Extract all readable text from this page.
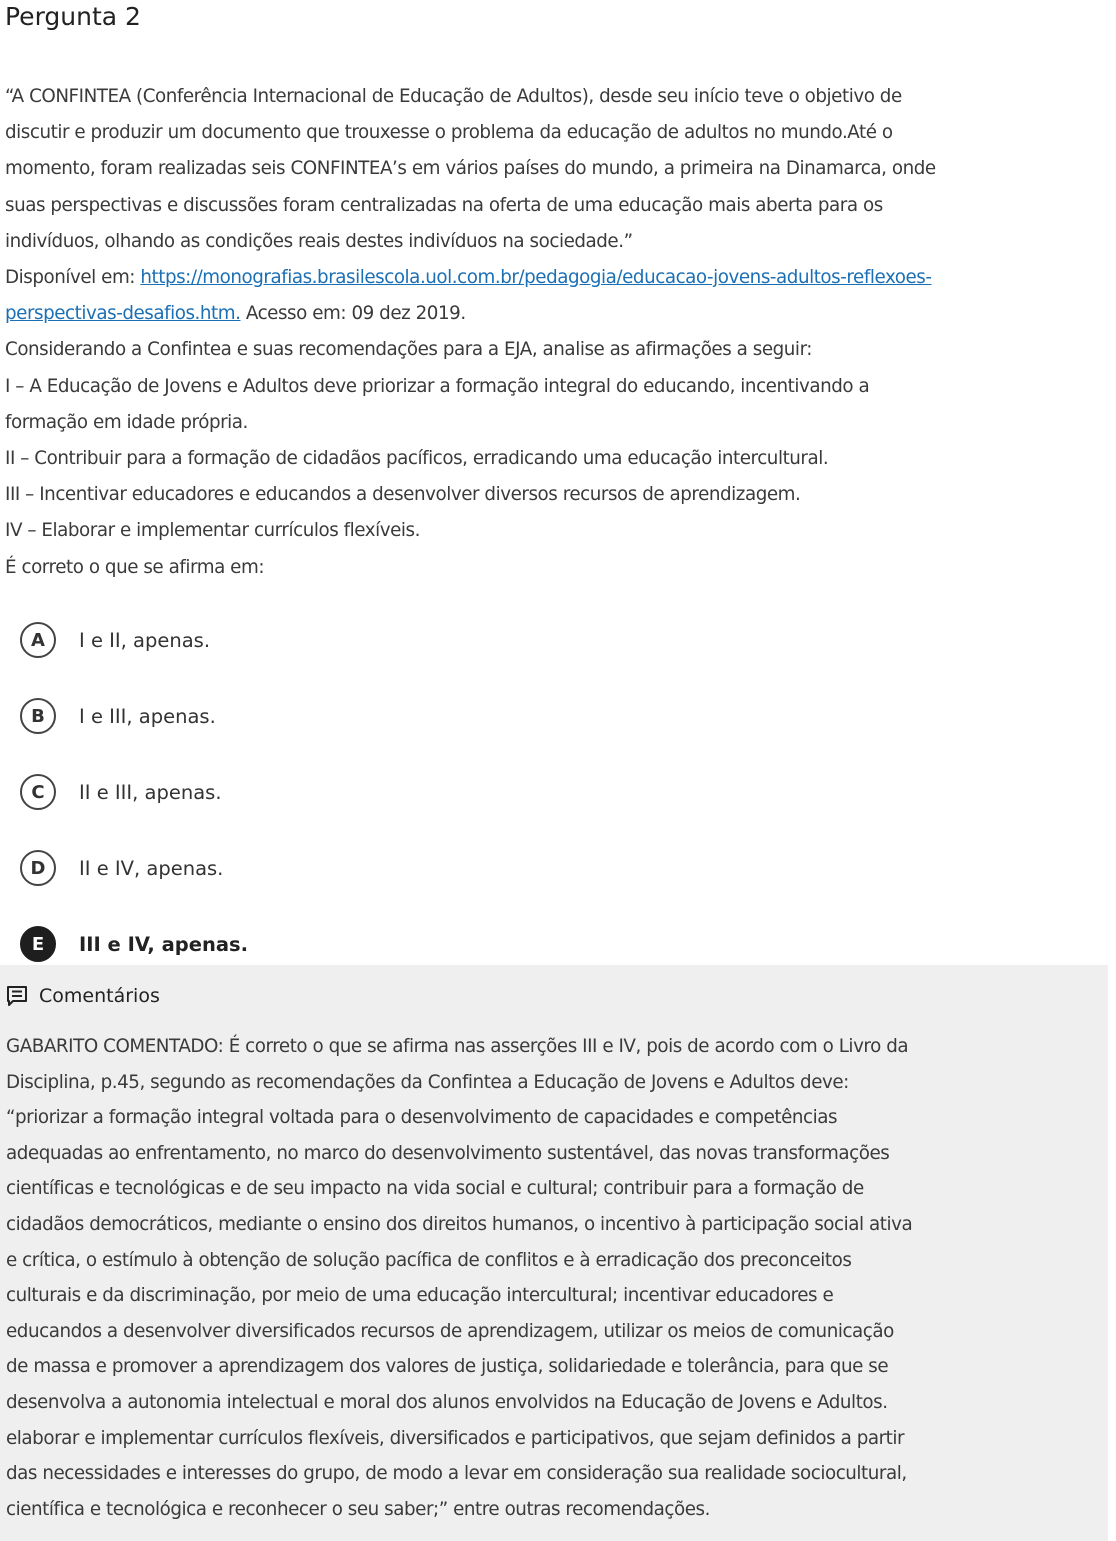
Pergunta 2

“A CONFINTEA (Conferência Internacional de Educação de Adultos), desde seu início teve o objetivo de

discutir e produzir um documento que trouxesse o problema da educação de adultos no mundo.Até o

momento, foram realizadas seis CONFINTEA’s em vários países do mundo, a primeira na Dinamarca, onde

suas perspectivas e discussões foram centralizadas na oferta de uma educação mais aberta para os

indivíduos, olhando as condições reais destes indivíduos na sociedade.”

Disponível em: https://monografias.brasilescola.uol.com.br/pedagogia/educacao-jovens-adultos-reflexoes-

perspectivas-desafios.htm. Acesso em: 09 dez 2019.

Considerando a Confintea e suas recomendações para a EJA, analise as afirmações a seguir:

I – A Educação de Jovens e Adultos deve priorizar a formação integral do educando, incentivando a

formação em idade própria.

II – Contribuir para a formação de cidadãos pacíficos, erradicando uma educação intercultural.

III – Incentivar educadores e educandos a desenvolver diversos recursos de aprendizagem.

IV – Elaborar e implementar currículos flexíveis.

É correto o que se afirma em:

A	I e II, apenas.
B	I e III, apenas.
C	II e III, apenas.
D	II e IV, apenas.
E	III e IV, apenas.
Comentários

GABARITO COMENTADO: É correto o que se afirma nas asserções III e IV, pois de acordo com o Livro da

Disciplina, p.45, segundo as recomendações da Confintea a Educação de Jovens e Adultos deve:

“priorizar a formação integral voltada para o desenvolvimento de capacidades e competências

adequadas ao enfrentamento, no marco do desenvolvimento sustentável, das novas transformações

científicas e tecnológicas e de seu impacto na vida social e cultural; contribuir para a formação de

cidadãos democráticos, mediante o ensino dos direitos humanos, o incentivo à participação social ativa

e crítica, o estímulo à obtenção de solução pacífica de conflitos e à erradicação dos preconceitos

culturais e da discriminação, por meio de uma educação intercultural; incentivar educadores e

educandos a desenvolver diversificados recursos de aprendizagem, utilizar os meios de comunicação

de massa e promover a aprendizagem dos valores de justiça, solidariedade e tolerância, para que se

desenvolva a autonomia intelectual e moral dos alunos envolvidos na Educação de Jovens e Adultos.

elaborar e implementar currículos flexíveis, diversificados e participativos, que sejam definidos a partir

das necessidades e interesses do grupo, de modo a levar em consideração sua realidade sociocultural,

científica e tecnológica e reconhecer o seu saber;” entre outras recomendações.
